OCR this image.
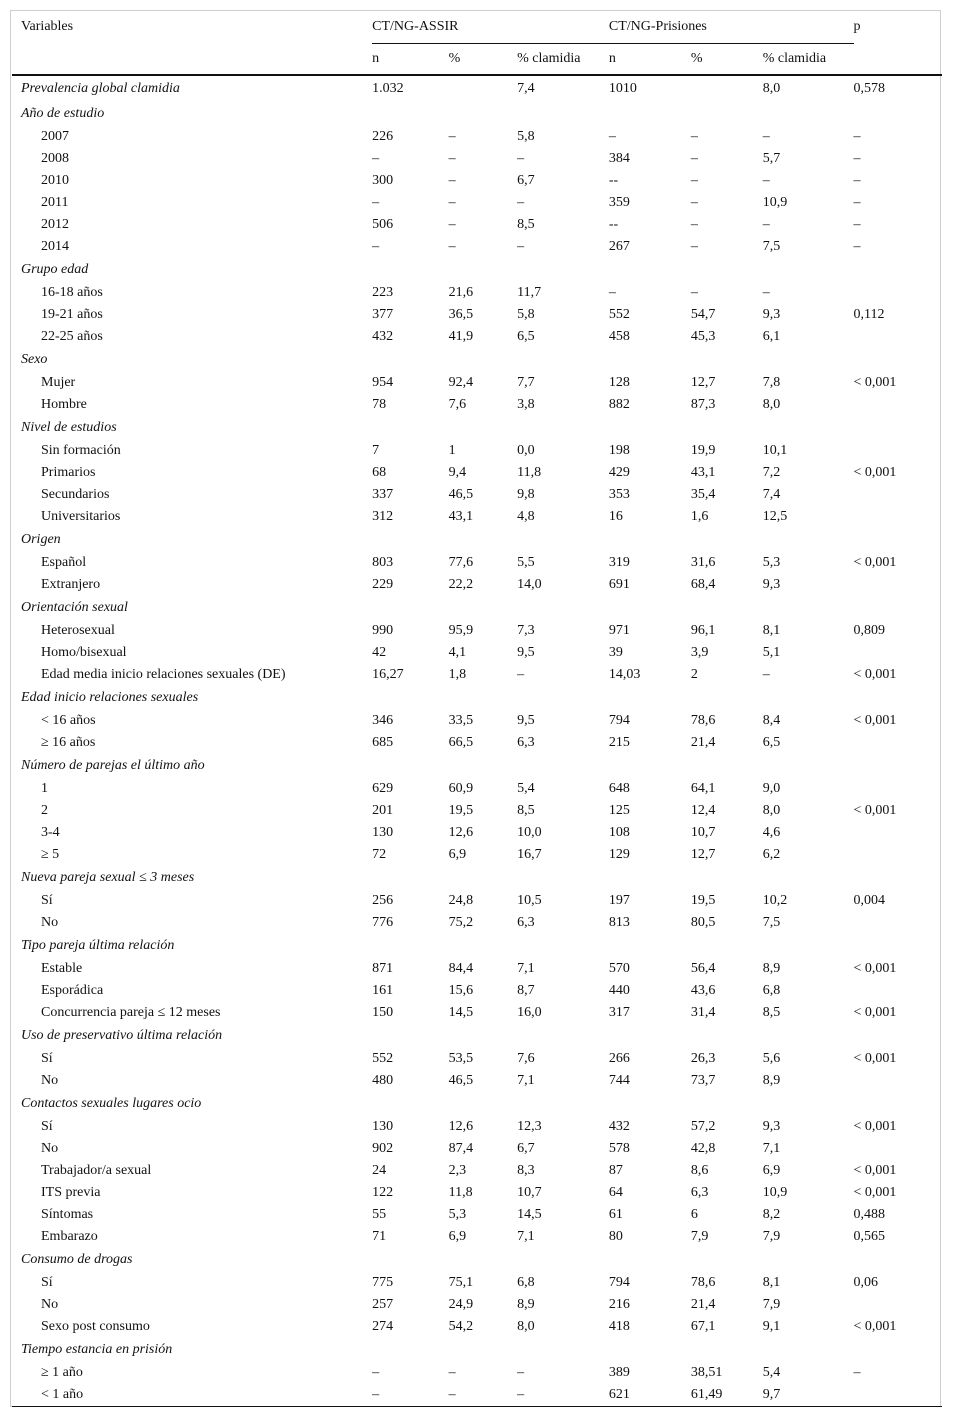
Variables	CT/NG-ASSIR			CT/NG-Prisiones			p
	n	%	% clamidia	n	%	% clamidia	
Prevalencia global clamidia	1.032		7,4	1010		8,0	0,578
Año de estudio							
2007	226	–	5,8	–	–	–	–
2008	–	–	–	384	–	5,7	–
2010	300	–	6,7	--	–	–	–
2011	–	–	–	359	–	10,9	–
2012	506	–	8,5	--	–	–	–
2014	–	–	–	267	–	7,5	–
Grupo edad							
16-18 años	223	21,6	11,7	–	–	–	
19-21 años	377	36,5	5,8	552	54,7	9,3	0,112
22-25 años	432	41,9	6,5	458	45,3	6,1	
Sexo							
Mujer	954	92,4	7,7	128	12,7	7,8	< 0,001
Hombre	78	7,6	3,8	882	87,3	8,0	
Nivel de estudios							
Sin formación	7	1	0,0	198	19,9	10,1	
Primarios	68	9,4	11,8	429	43,1	7,2	< 0,001
Secundarios	337	46,5	9,8	353	35,4	7,4	
Universitarios	312	43,1	4,8	16	1,6	12,5	
Origen							
Español	803	77,6	5,5	319	31,6	5,3	< 0,001
Extranjero	229	22,2	14,0	691	68,4	9,3	
Orientación sexual							
Heterosexual	990	95,9	7,3	971	96,1	8,1	0,809
Homo/bisexual	42	4,1	9,5	39	3,9	5,1	
Edad media inicio relaciones sexuales (DE)	16,27	1,8	–	14,03	2	–	< 0,001
Edad inicio relaciones sexuales							
< 16 años	346	33,5	9,5	794	78,6	8,4	< 0,001
≥ 16 años	685	66,5	6,3	215	21,4	6,5	
Número de parejas el último año							
1	629	60,9	5,4	648	64,1	9,0	
2	201	19,5	8,5	125	12,4	8,0	< 0,001
3-4	130	12,6	10,0	108	10,7	4,6	
≥ 5	72	6,9	16,7	129	12,7	6,2	
Nueva pareja sexual ≤ 3 meses							
Sí	256	24,8	10,5	197	19,5	10,2	0,004
No	776	75,2	6,3	813	80,5	7,5	
Tipo pareja última relación							
Estable	871	84,4	7,1	570	56,4	8,9	< 0,001
Esporádica	161	15,6	8,7	440	43,6	6,8	
Concurrencia pareja ≤ 12 meses	150	14,5	16,0	317	31,4	8,5	< 0,001
Uso de preservativo última relación							
Sí	552	53,5	7,6	266	26,3	5,6	< 0,001
No	480	46,5	7,1	744	73,7	8,9	
Contactos sexuales lugares ocio							
Sí	130	12,6	12,3	432	57,2	9,3	< 0,001
No	902	87,4	6,7	578	42,8	7,1	
Trabajador/a sexual	24	2,3	8,3	87	8,6	6,9	< 0,001
ITS previa	122	11,8	10,7	64	6,3	10,9	< 0,001
Síntomas	55	5,3	14,5	61	6	8,2	0,488
Embarazo	71	6,9	7,1	80	7,9	7,9	0,565
Consumo de drogas							
Sí	775	75,1	6,8	794	78,6	8,1	0,06
No	257	24,9	8,9	216	21,4	7,9	
Sexo post consumo	274	54,2	8,0	418	67,1	9,1	< 0,001
Tiempo estancia en prisión							
≥ 1 año	–	–	–	389	38,51	5,4	–
< 1 año	–	–	–	621	61,49	9,7	
